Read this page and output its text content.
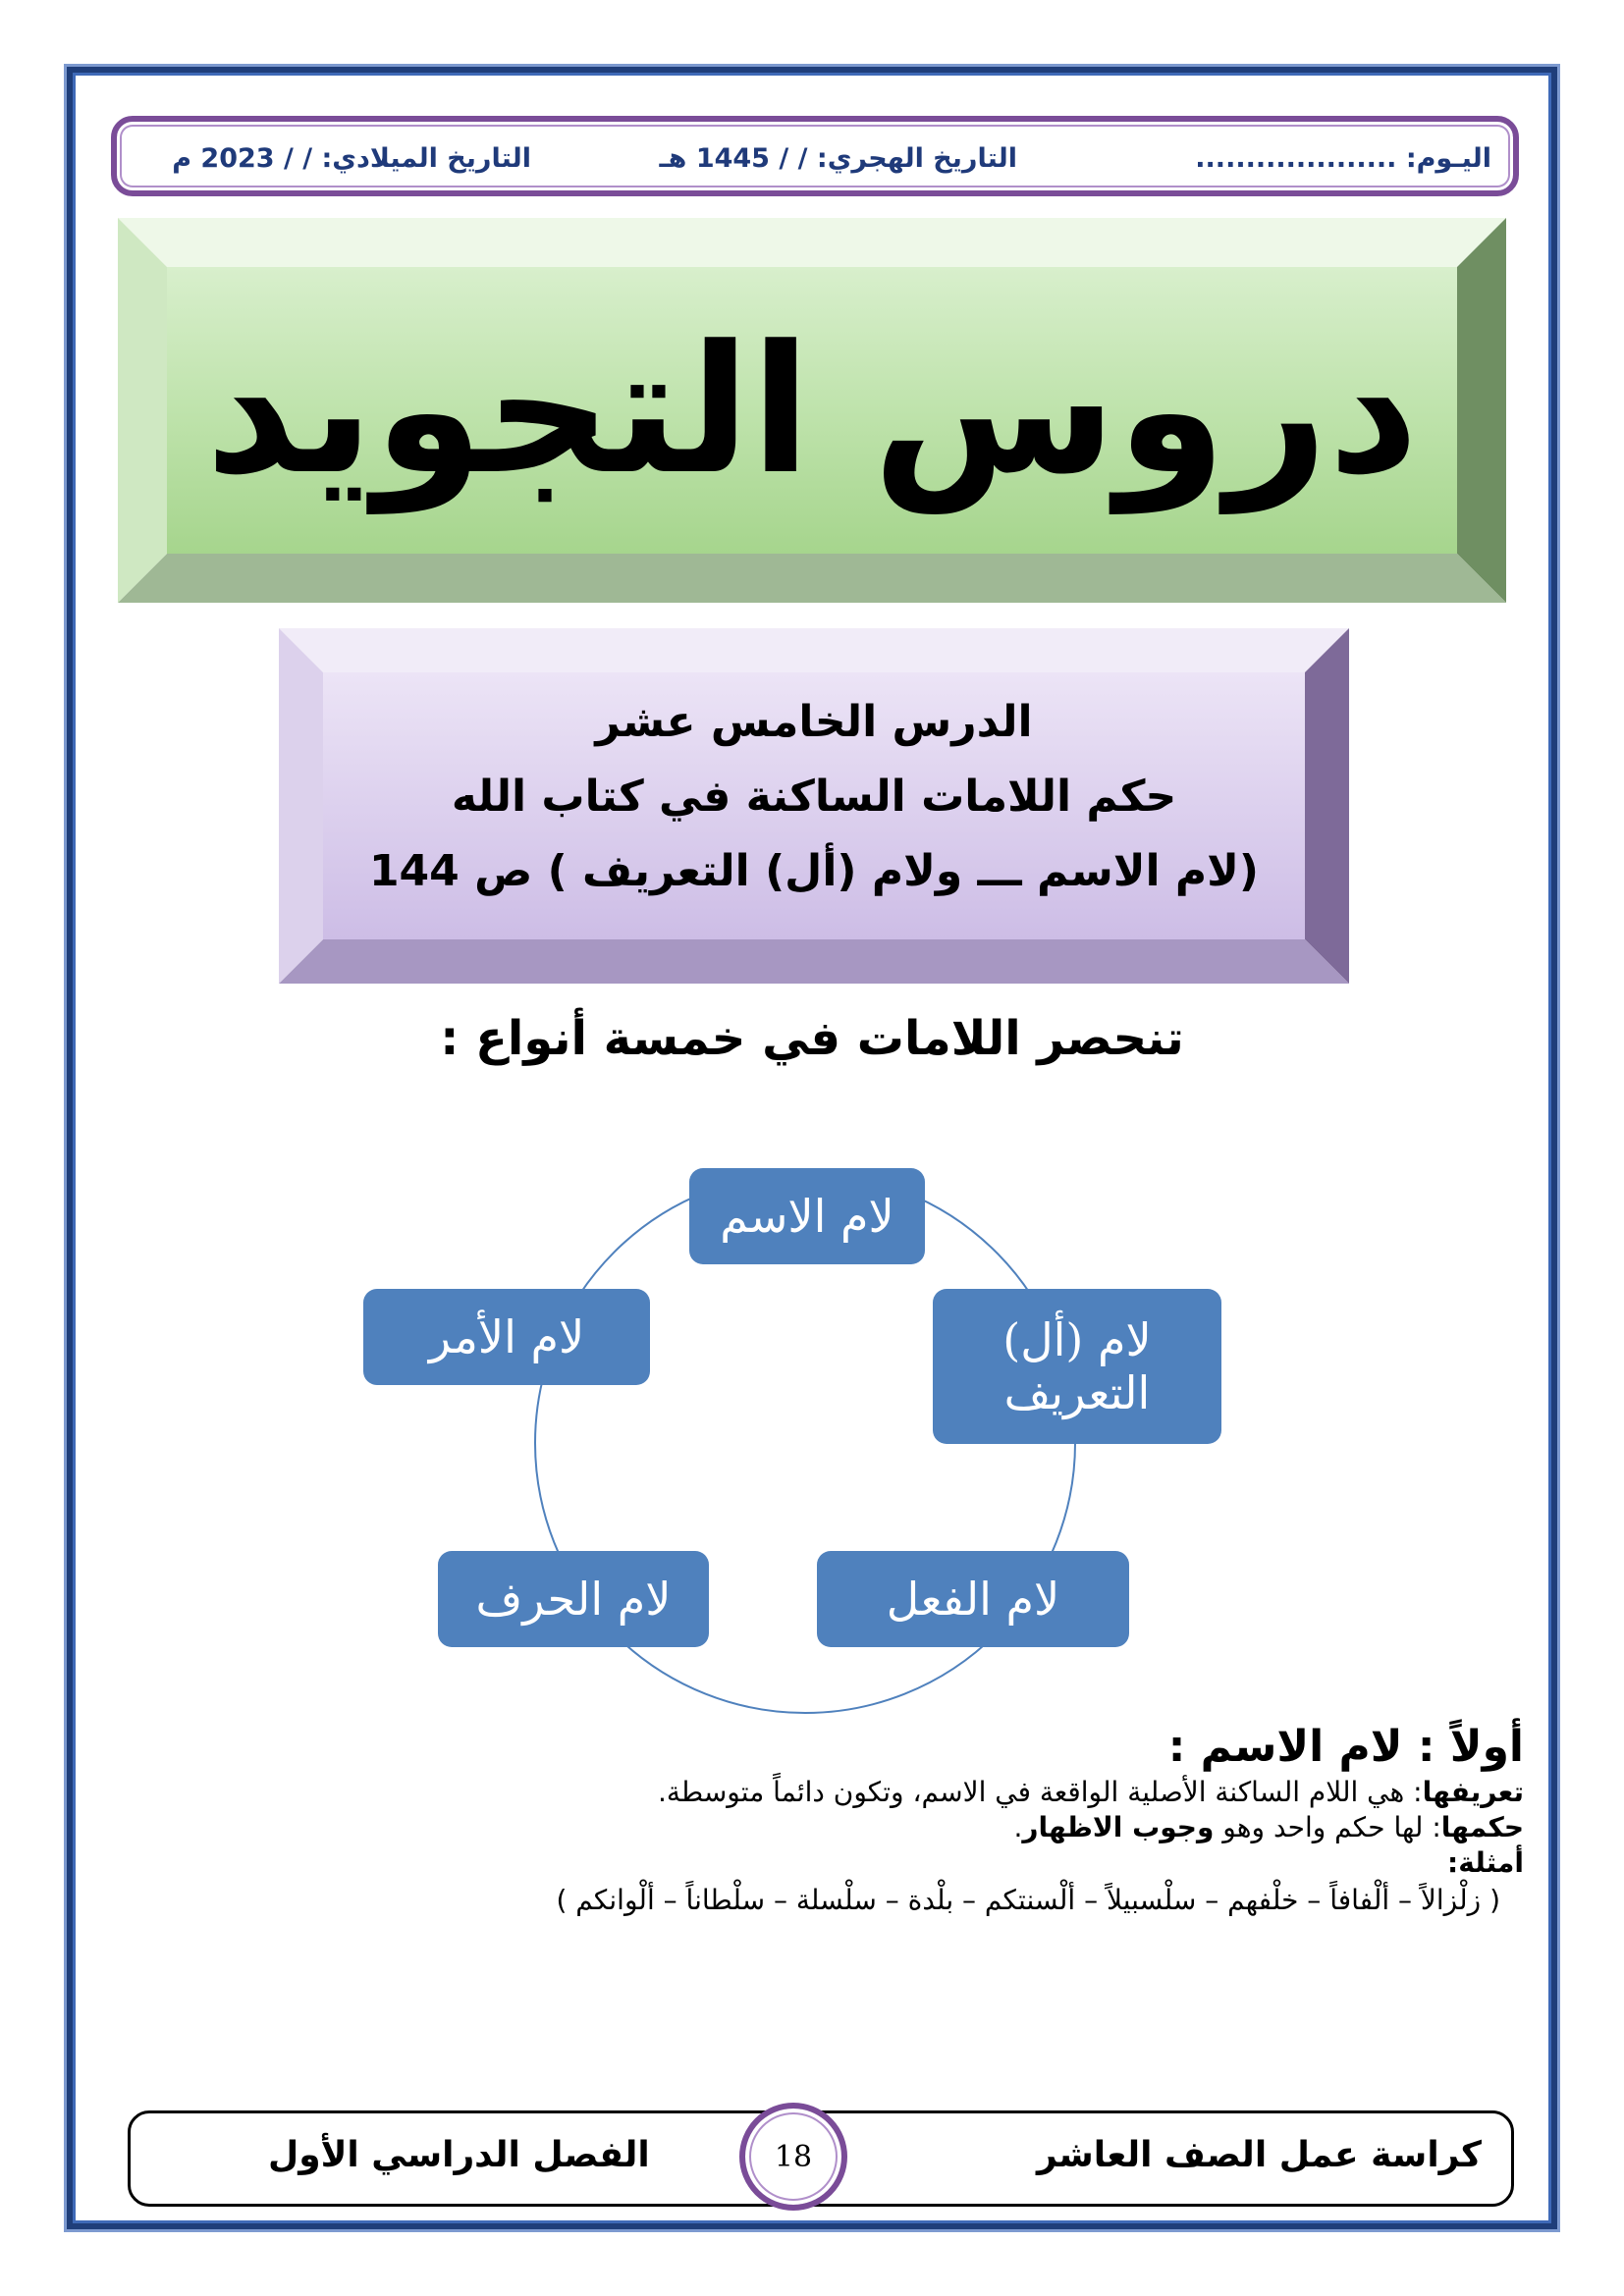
اليـوم: ....................
التاريخ الهجري: / / 1445 هـ
التاريخ الميلادي: / / 2023 م
دروس التجويد
الدرس الخامس عشر
حكم اللامات الساكنة في كتاب الله
(لام الاسم ـــ ولام (أل) التعريف ) ص 144
تنحصر اللامات في خمسة أنواع :
لام الاسم
لام (أل) التعريف
لام الفعل
لام الحرف
لام الأمر
أولاً : لام الاسم :
تعريفها: هي اللام الساكنة الأصلية الواقعة في الاسم، وتكون دائماً متوسطة.
حكمها: لها حكم واحد وهو وجوب الاظهار.
أمثلة:
( زلْزالاً – ألْفافاً – خلْفهم – سلْسبيلاً – ألْسنتكم – بلْدة – سلْسلة – سلْطاناً – ألْوانكم )
كراسة عمل الصف العاشر
الفصل الدراسي الأول	18
